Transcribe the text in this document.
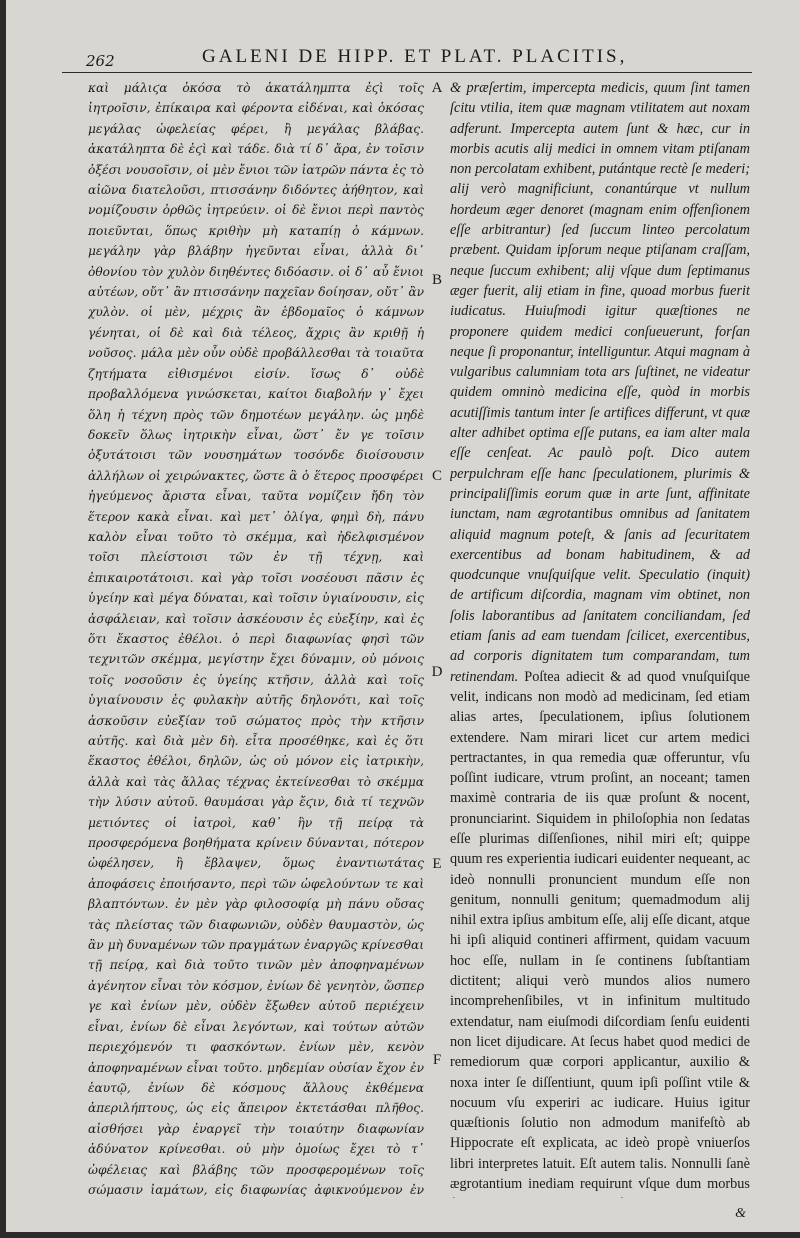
262	GALENI DE HIPP. ET PLAT. PLACITIS,

καὶ μάλιϛα ὁκόσα τὸ ἀκατάλημπτα ἐϛὶ τοῖς ἰητροῖσιν, ἐπίκαιρα καὶ φέροντα εἰδέναι, καὶ ὁκόσας μεγάλας ὠφελείας φέρει, ἢ μεγάλας βλάβας. ἀκατάληπτα δὲ ἐϛὶ καὶ τάδε. διὰ τί δ᾽ ἄρα, ἐν τοῖσιν ὀξέσι νουσοῖσιν, οἱ μὲν ἔνιοι τῶν ἰατρῶν πάντα ἐς τὸ αἰῶνα διατελοῦσι, πτισσάνην διδόντες ἀήθητον, καὶ νομίζουσιν ὀρθῶς ἰητρεύειν. οἱ δὲ ἔνιοι περὶ παντὸς ποιεῦνται, ὅπως κριθὴν μὴ καταπίῃ ὁ κάμνων. μεγάλην γὰρ βλάβην ἡγεῦνται εἶναι, ἀλλὰ δι᾽ ὀθονίου τὸν χυλὸν διηθέντες διδόασιν. οἱ δ᾽ αὖ ἔνιοι αὐτέων, οὔτ᾽ ἂν πτισσάνην παχεῖαν δοίησαν, οὔτ᾽ ἂν χυλὸν. οἱ μὲν, μέχρις ἂν ἑβδομαῖος ὁ κάμνων γένηται, οἱ δὲ καὶ διὰ τέλεος, ἄχρις ἂν κριθῇ ἡ νοῦσος. μάλα μὲν οὖν οὐδὲ προβάλλεσθαι τὰ τοιαῦτα ζητήματα εἰθισμένοι εἰσίν. ἴσως δ᾽ οὐδὲ προβαλλόμενα γινώσκεται, καίτοι διαβολήν γ᾽ ἔχει ὅλη ἡ τέχνη πρὸς τῶν δημοτέων μεγάλην. ὡς μηδὲ δοκεῖν ὅλως ἰητρικὴν εἶναι, ὥστ᾽ ἔν γε τοῖσιν ὀξυτάτοισι τῶν νουσημάτων τοσόνδε διοίσουσιν ἀλλήλων οἱ χειρώνακτες, ὥστε ἃ ὁ ἕτερος προσφέρει ἡγεύμενος ἄριστα εἶναι, ταῦτα νομίζειν ἤδη τὸν ἕτερον κακὰ εἶναι. καὶ μετ᾽ ὀλίγα, φημὶ δὴ, πάνυ καλὸν εἶναι τοῦτο τὸ σκέμμα, καὶ ἠδελφισμένον τοῖσι πλείστοισι τῶν ἐν τῇ τέχνῃ, καὶ ἐπικαιροτάτοισι. καὶ γὰρ τοῖσι νοσέουσι πᾶσιν ἐς ὑγείην καὶ μέγα δύναται, καὶ τοῖσιν ὑγιαίνουσιν, εἰς ἀσφάλειαν, καὶ τοῖσιν ἀσκέουσιν ἐς εὐεξίην, καὶ ἐς ὅτι ἕκαστος ἐθέλοι. ὁ περὶ διαφωνίας φησὶ τῶν τεχνιτῶν σκέμμα, μεγίστην ἔχει δύναμιν, οὐ μόνοις τοῖς νοσοῦσιν ἐς ὑγείης κτῆσιν, ἀλλὰ καὶ τοῖς ὑγιαίνουσιν ἐς φυλακὴν αὐτῆς δηλονότι, καὶ τοῖς ἀσκοῦσιν εὐεξίαν τοῦ σώματος πρὸς τὴν κτῆσιν αὐτῆς. καὶ διὰ μὲν δὴ. εἶτα προσέθηκε, καὶ ἐς ὅτι ἕκαστος ἐθέλοι, δηλῶν, ὡς οὐ μόνον εἰς ἰατρικὴν, ἀλλὰ καὶ τὰς ἄλλας τέχνας ἐκτείνεσθαι τὸ σκέμμα τὴν λύσιν αὐτοῦ. θαυμάσαι γὰρ ἔϛιν, διὰ τί τεχνῶν μετιόντες οἱ ἰατροὶ, καθ᾽ ἣν τῇ πείρᾳ τὰ προσφερόμενα βοηθήματα κρίνειν δύνανται, πότερον ὠφέλησεν, ἢ ἔβλαψεν, ὅμως ἐναντιωτάτας ἀποφάσεις ἐποιήσαντο, περὶ τῶν ὠφελούντων τε καὶ βλαπτόντων. ἐν μὲν γὰρ φιλοσοφίᾳ μὴ πάνυ οὔσας τὰς πλείστας τῶν διαφωνιῶν, οὐδὲν θαυμαστὸν, ὡς ἂν μὴ δυναμένων τῶν πραγμάτων ἐναργῶς κρίνεσθαι τῇ πείρᾳ, καὶ διὰ τοῦτο τινῶν μὲν ἀποφηναμένων ἀγένητον εἶναι τὸν κόσμον, ἐνίων δὲ γενητὸν, ὥσπερ γε καὶ ἐνίων μὲν, οὐδὲν ἔξωθεν αὐτοῦ περιέχειν εἶναι, ἐνίων δὲ εἶναι λεγόντων, καὶ τούτων αὐτῶν περιεχόμενόν τι φασκόντων. ἐνίων μὲν, κενὸν ἀποφηναμένων εἶναι τοῦτο. μηδεμίαν οὐσίαν ἔχον ἐν ἑαυτῷ, ἐνίων δὲ κόσμους ἄλλους ἐκθέμενα ἀπεριλήπτους, ὡς εἰς ἄπειρον ἐκτετάσθαι πλῆθος. αἰσθήσει γὰρ ἐναργεῖ τὴν τοιαύτην διαφωνίαν ἀδύνατον κρίνεσθαι. οὐ μὴν ὁμοίως ἔχει τὸ τ᾽ ὠφέλειας καὶ βλάβης τῶν προσφερομένων τοῖς σώμασιν ἰαμάτων, εἰς διαφωνίας ἀφικνούμενον ἐν

A
B
C
D
E
F

& præſertim, impercepta medicis, quum ſint tamen ſcitu vtilia, item quæ magnam vtilitatem aut noxam adferunt. Impercepta autem ſunt & hæc, cur in morbis acutis alij medici in omnem vitam ptiſanam non percolatam exhibent, putántque rectè ſe mederi; alij verò magnificiunt, conantúrque vt nullum hordeum æger denoret (magnam enim offenſionem eſſe arbitrantur) ſed ſuccum linteo percolatum præbent. Quidam ipſorum neque ptiſanam craſſam, neque ſuccum exhibent; alij vſque dum ſeptimanus æger fuerit, alij etiam in fine, quoad morbus fuerit iudicatus. Huiuſmodi igitur quæſtiones ne proponere quidem medici conſueuerunt, forſan neque ſi proponantur, intelliguntur. Atqui magnam à vulgaribus calumniam tota ars ſuſtinet, ne videatur quidem omninò medicina eſſe, quòd in morbis acutiſſimis tantum inter ſe artifices differunt, vt quæ alter adhibet optima eſſe putans, ea iam alter mala eſſe cenſeat. Ac paulò poſt. Dico autem perpulchram eſſe hanc ſpeculationem, plurimis & principaliſſimis eorum quæ in arte ſunt, affinitate iunctam, nam ægrotantibus omnibus ad ſanitatem aliquid magnum poteſt, & ſanis ad ſecuritatem exercentibus ad bonam habitudinem, & ad quodcunque vnuſquiſque velit. Speculatio (inquit) de artificum diſcordia, magnam vim obtinet, non ſolis laborantibus ad ſanitatem conciliandam, ſed etiam ſanis ad eam tuendam ſcilicet, exercentibus, ad corporis dignitatem tum comparandam, tum retinendam. Poſtea adiecit & ad quod vnuſquiſque velit, indicans non modò ad medicinam, ſed etiam alias artes, ſpeculationem, ipſius ſolutionem extendere. Nam mirari licet cur artem medici pertractantes, in qua remedia quæ offeruntur, vſu poſſint iudicare, vtrum proſint, an noceant; tamen maximè contraria de iis quæ proſunt & nocent, pronunciarint. Siquidem in philoſophia non ſedatas eſſe plurimas diſſenſiones, nihil miri eſt; quippe quum res experientia iudicari euidenter nequeant, ac ideò nonnulli pronuncient mundum eſſe non genitum, nonnulli genitum; quemadmodum alij nihil extra ipſius ambitum eſſe, alij eſſe dicant, atque hi ipſi aliquid contineri affirment, quidam vacuum hoc eſſe, nullam in ſe continens ſubſtantiam dictitent; aliqui verò mundos alios numero incomprehenſibiles, vt in infinitum multitudo extendatur, nam eiuſmodi diſcordiam ſenſu euidenti non licet dijudicare. At ſecus habet quod medici de remediorum quæ corpori applicantur, auxilio & noxa inter ſe diſſentiunt, quum ipſi poſſint vtile & nocuum vſu experiri ac iudicare. Huius igitur quæſtionis ſolutio non admodum manifeſtò ab Hippocrate eſt explicata, ac ideò propè vniuerſos libri interpretes latuit. Eſt autem talis. Nonnulli ſanè ægrotantium inediam requirunt vſque dum morbus

&
